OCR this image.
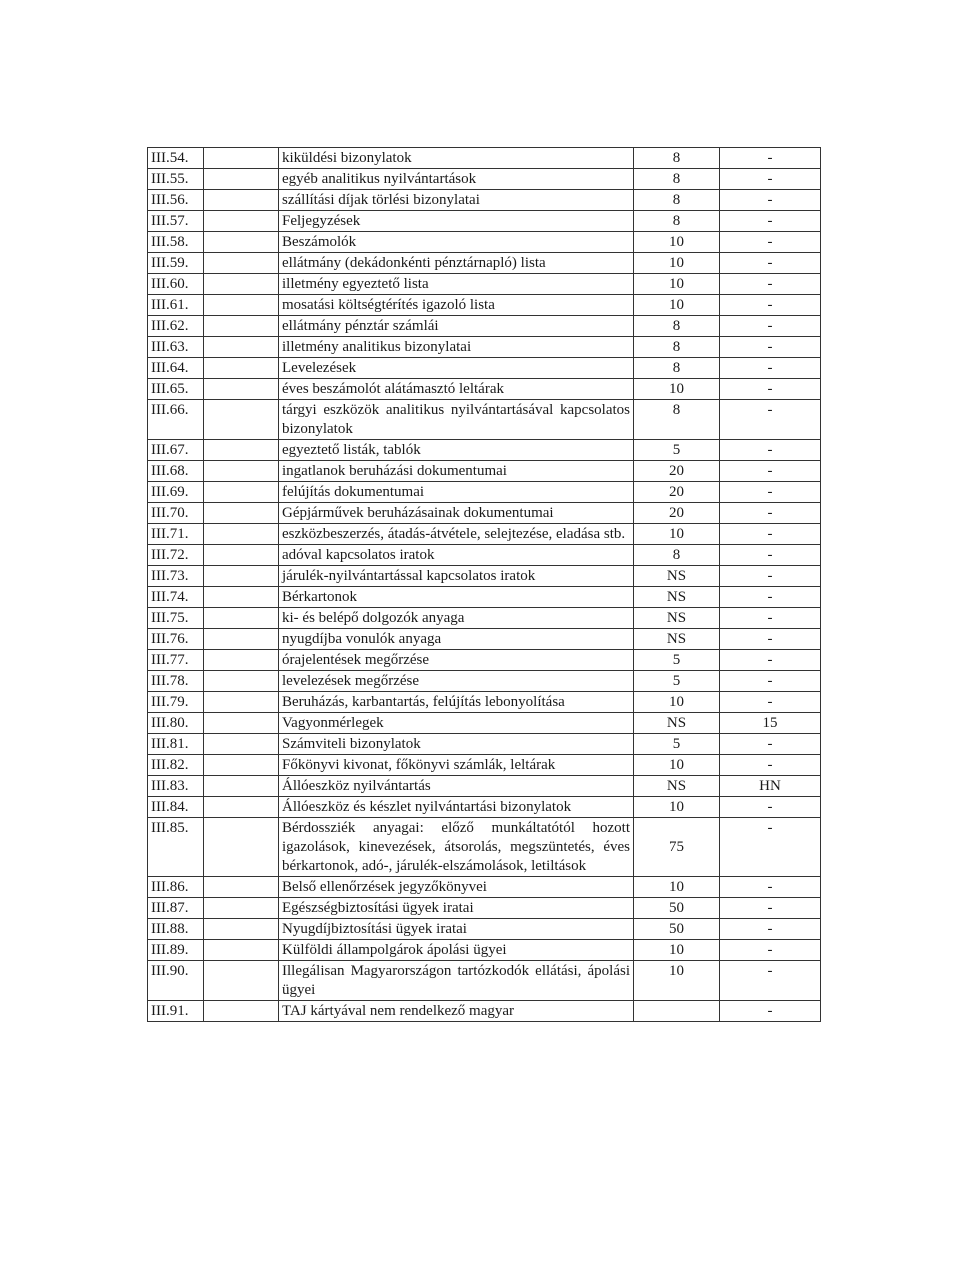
III.54.		kiküldési bizonylatok	8	-
III.55.		egyéb analitikus nyilvántartások	8	-
III.56.		szállítási díjak törlési bizonylatai	8	-
III.57.		Feljegyzések	8	-
III.58.		Beszámolók	10	-
III.59.		ellátmány (dekádonkénti pénztárnapló) lista	10	-
III.60.		illetmény egyeztető lista	10	-
III.61.		mosatási költségtérítés igazoló lista	10	-
III.62.		ellátmány pénztár számlái	8	-
III.63.		illetmény analitikus bizonylatai	8	-
III.64.		Levelezések	8	-
III.65.		éves beszámolót alátámasztó leltárak	10	-
III.66.		tárgyi eszközök analitikus nyilvántartásával kapcsolatos bizonylatok	8	-
III.67.		egyeztető listák, tablók	5	-
III.68.		ingatlanok beruházási dokumentumai	20	-
III.69.		felújítás dokumentumai	20	-
III.70.		Gépjárművek beruházásainak dokumentumai	20	-
III.71.		eszközbeszerzés, átadás-átvétele, selejtezése, eladása stb.	10	-
III.72.		adóval kapcsolatos iratok	8	-
III.73.		járulék-nyilvántartással kapcsolatos iratok	NS	-
III.74.		Bérkartonok	NS	-
III.75.		ki- és belépő dolgozók anyaga	NS	-
III.76.		nyugdíjba vonulók anyaga	NS	-
III.77.		órajelentések megőrzése	5	-
III.78.		levelezések megőrzése	5	-
III.79.		Beruházás, karbantartás, felújítás lebonyolítása	10	-
III.80.		Vagyonmérlegek	NS	15
III.81.		Számviteli bizonylatok	5	-
III.82.		Főkönyvi kivonat, főkönyvi számlák, leltárak	10	-
III.83.		Állóeszköz nyilvántartás	NS	HN
III.84.		Állóeszköz és készlet nyilvántartási bizonylatok	10	-
III.85.		Bérdossziék anyagai: előző munkáltatótól hozott igazolások, kinevezések, átsorolás, megszüntetés, éves bérkartonok, adó-, járulék-elszámolások, letiltások	75	-
III.86.		Belső ellenőrzések jegyzőkönyvei	10	-
III.87.		Egészségbiztosítási ügyek iratai	50	-
III.88.		Nyugdíjbiztosítási ügyek iratai	50	-
III.89.		Külföldi állampolgárok ápolási ügyei	10	-
III.90.		Illegálisan Magyarországon tartózkodók ellátási, ápolási ügyei	10	-
III.91.		TAJ kártyával nem rendelkező magyar		-
